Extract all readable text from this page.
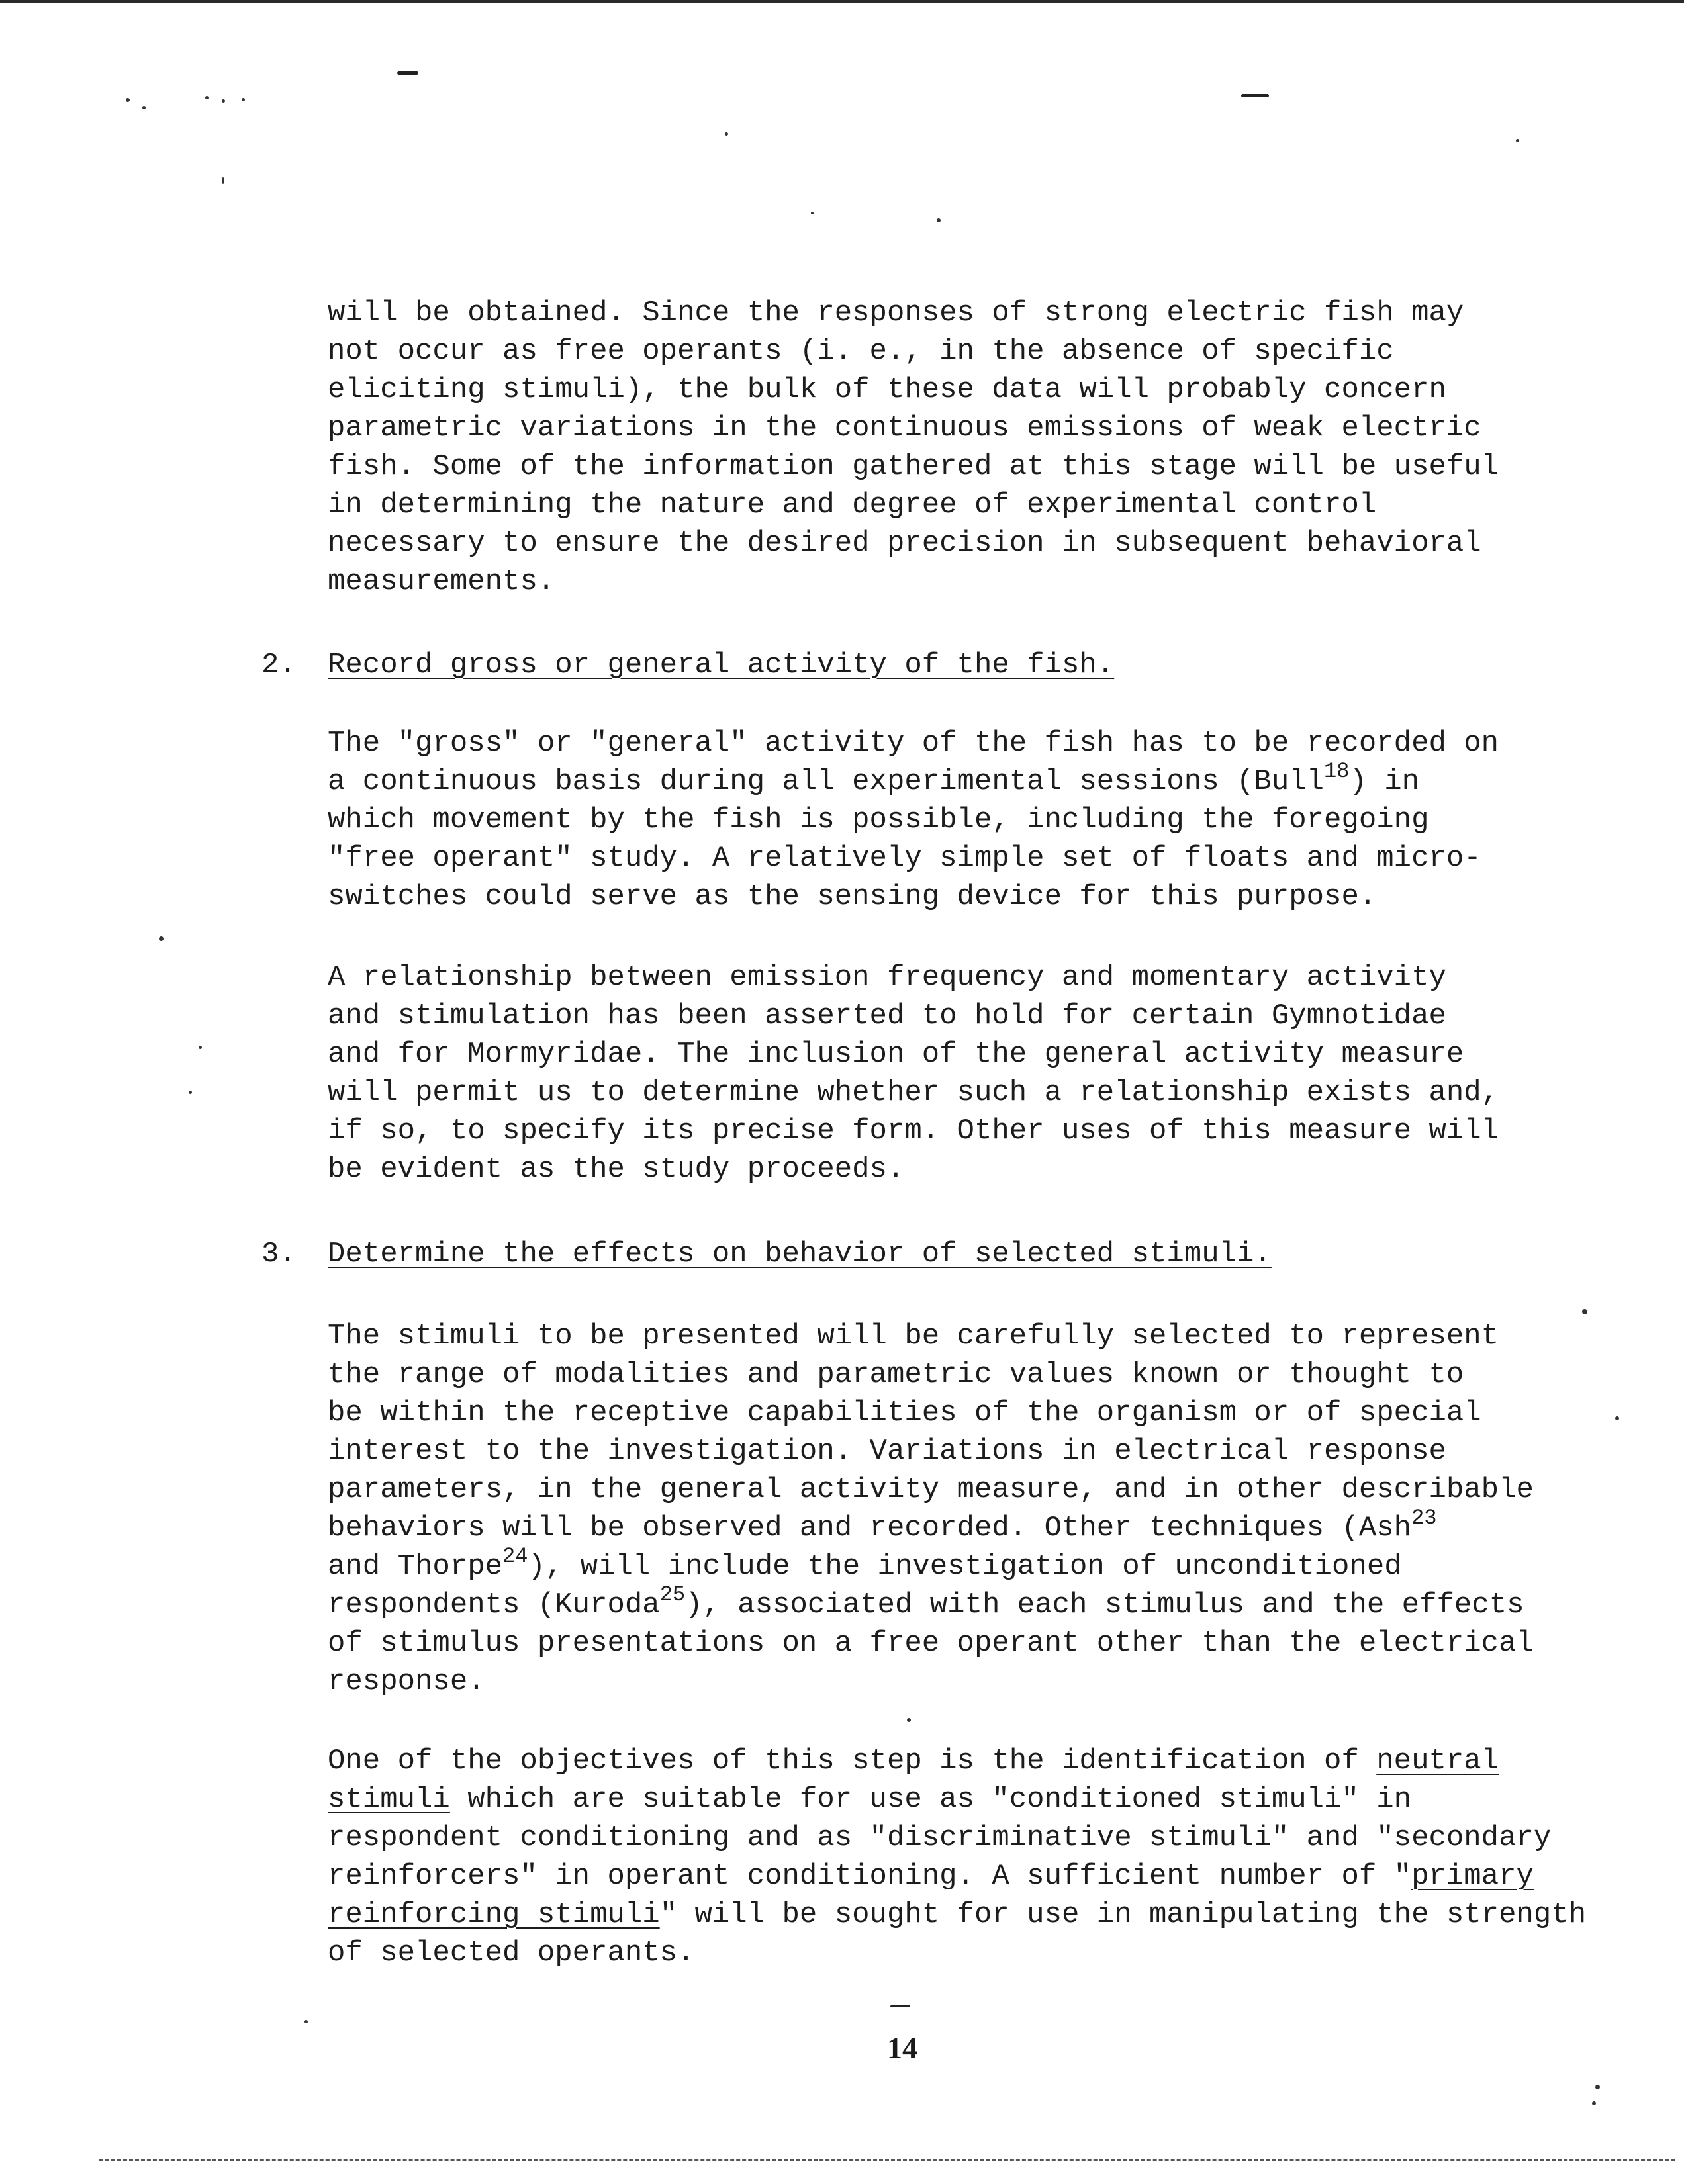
will be obtained. Since the responses of strong electric fish may
not occur as free operants (i. e., in the absence of specific
eliciting stimuli), the bulk of these data will probably concern
parametric variations in the continuous emissions of weak electric
fish. Some of the information gathered at this stage will be useful
in determining the nature and degree of experimental control
necessary to ensure the desired precision in subsequent behavioral
measurements.
2. Record gross or general activity of the fish.
The "gross" or "general" activity of the fish has to be recorded on
a continuous basis during all experimental sessions (Bull$^{18}$) in
which movement by the fish is possible, including the foregoing
"free operant" study. A relatively simple set of floats and micro-
switches could serve as the sensing device for this purpose.
A relationship between emission frequency and momentary activity
and stimulation has been asserted to hold for certain Gymnotidae
and for Mormyridae. The inclusion of the general activity measure
will permit us to determine whether such a relationship exists and,
if so, to specify its precise form. Other uses of this measure will
be evident as the study proceeds.
3. Determine the effects on behavior of selected stimuli.
The stimuli to be presented will be carefully selected to represent
the range of modalities and parametric values known or thought to
be within the receptive capabilities of the organism or of special
interest to the investigation. Variations in electrical response
parameters, in the general activity measure, and in other describable
behaviors will be observed and recorded. Other techniques (Ash$^{23}$
and Thorpe$^{24}$), will include the investigation of unconditioned
respondents (Kuroda$^{25}$), associated with each stimulus and the effects
of stimulus presentations on a free operant other than the electrical
response.
One of the objectives of this step is the identification of neutral
stimuli which are suitable for use as "conditioned stimuli" in
respondent conditioning and as "discriminative stimuli" and "secondary
reinforcers" in operant conditioning. A sufficient number of "primary
reinforcing stimuli" will be sought for use in manipulating the strength
of selected operants.
14
